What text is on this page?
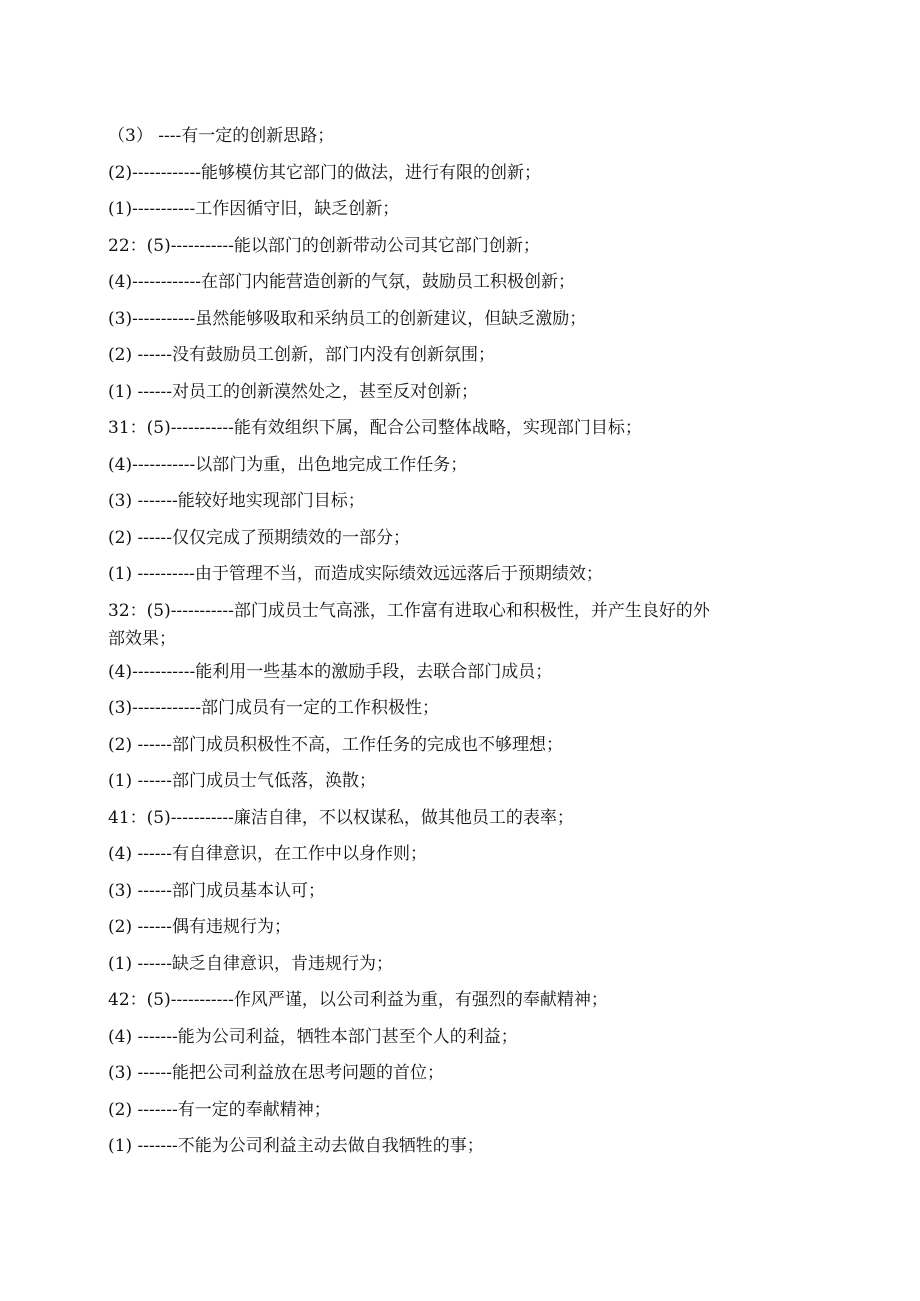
（3） ----有一定的创新思路；

(2)------------能够模仿其它部门的做法，进行有限的创新；

(1)-----------工作因循守旧，缺乏创新；

22：(5)-----------能以部门的创新带动公司其它部门创新；

(4)------------在部门内能营造创新的气氛，鼓励员工积极创新；

(3)-----------虽然能够吸取和采纳员工的创新建议，但缺乏激励；

(2) ------没有鼓励员工创新，部门内没有创新氛围；

(1) ------对员工的创新漠然处之，甚至反对创新；

31：(5)-----------能有效组织下属，配合公司整体战略，实现部门目标；

(4)-----------以部门为重，出色地完成工作任务；

(3) -------能较好地实现部门目标；

(2) ------仅仅完成了预期绩效的一部分；

(1) ----------由于管理不当，而造成实际绩效远远落后于预期绩效；

32：(5)-----------部门成员士气高涨，工作富有进取心和积极性，并产生良好的外

部效果；

(4)-----------能利用一些基本的激励手段，去联合部门成员；

(3)------------部门成员有一定的工作积极性；

(2) ------部门成员积极性不高，工作任务的完成也不够理想；

(1) ------部门成员士气低落，涣散；

41：(5)-----------廉洁自律，不以权谋私，做其他员工的表率；

(4) ------有自律意识，在工作中以身作则；

(3) ------部门成员基本认可；

(2) ------偶有违规行为；

(1) ------缺乏自律意识，肯违规行为；

42：(5)-----------作风严谨，以公司利益为重，有强烈的奉献精神；

(4) -------能为公司利益，牺牲本部门甚至个人的利益；

(3) ------能把公司利益放在思考问题的首位；

(2) -------有一定的奉献精神；

(1) -------不能为公司利益主动去做自我牺牲的事；
